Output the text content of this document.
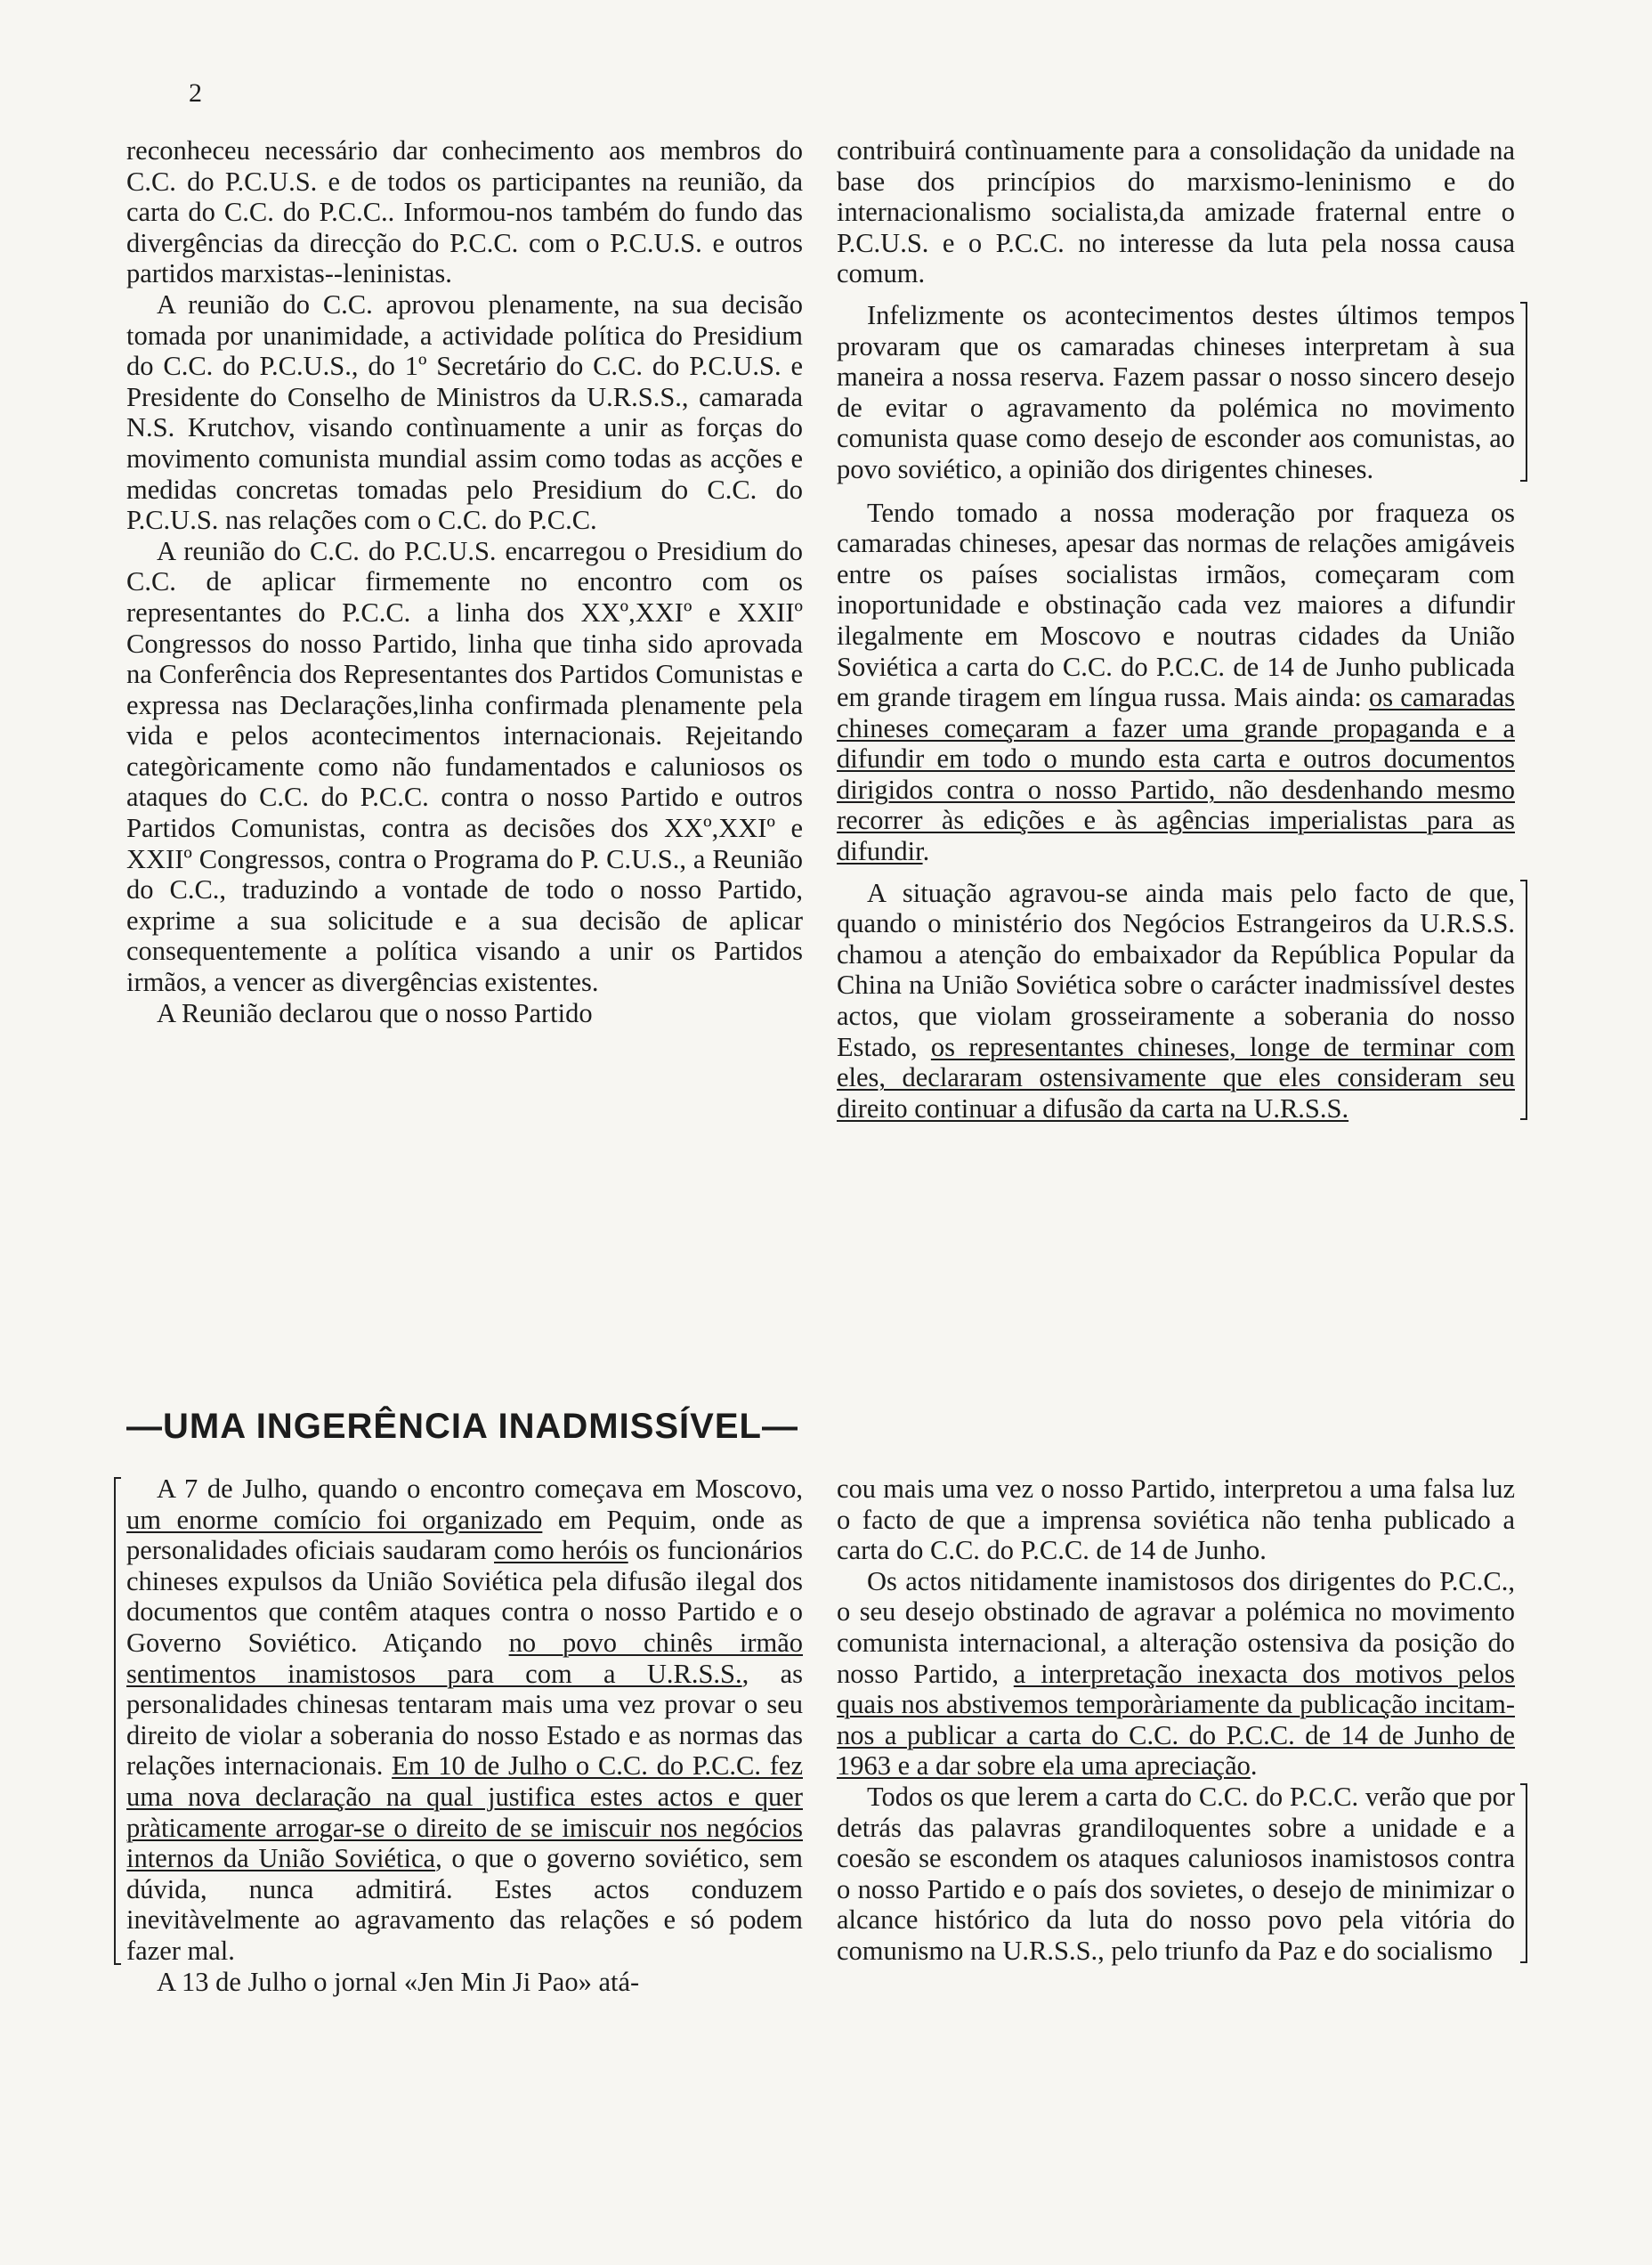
2

reconheceu necessário dar conhecimento aos membros do C.C. do P.C.U.S. e de todos os participantes na reunião, da carta do C.C. do P.C.C.. Informou-nos também do fundo das divergências da direcção do P.C.C. com o P.C.U.S. e outros partidos marxistas--leninistas.

A reunião do C.C. aprovou plenamente, na sua decisão tomada por unanimidade, a actividade política do Presidium do C.C. do P.C.U.S., do 1º Secretário do C.C. do P.C.U.S. e Presidente do Conselho de Ministros da U.R.S.S., camarada N.S. Krutchov, visando contìnuamente a unir as forças do movimento comunista mundial assim como todas as acções e medidas concretas tomadas pelo Presidium do C.C. do P.C.U.S. nas relações com o C.C. do P.C.C.

A reunião do C.C. do P.C.U.S. encarregou o Presidium do C.C. de aplicar firmemente no encontro com os representantes do P.C.C. a linha dos XXº,XXIº e XXIIº Congressos do nosso Partido, linha que tinha sido aprovada na Conferência dos Representantes dos Partidos Comunistas e expressa nas Declarações,linha confirmada plenamente pela vida e pelos acontecimentos internacionais. Rejeitando categòricamente como não fundamentados e caluniosos os ataques do C.C. do P.C.C. contra o nosso Partido e outros Partidos Comunistas, contra as decisões dos XXº,XXIº e XXIIº Congressos, contra o Programa do P. C.U.S., a Reunião do C.C., traduzindo a vontade de todo o nosso Partido, exprime a sua solicitude e a sua decisão de aplicar consequentemente a política visando a unir os Partidos irmãos, a vencer as divergências existentes.

A Reunião declarou que o nosso Partido

contribuirá contìnuamente para a consolidação da unidade na base dos princípios do marxismo-leninismo e do internacionalismo socialista,da amizade fraternal entre o P.C.U.S. e o P.C.C. no interesse da luta pela nossa causa comum.

Infelizmente os acontecimentos destes últimos tempos provaram que os camaradas chineses interpretam à sua maneira a nossa reserva. Fazem passar o nosso sincero desejo de evitar o agravamento da polémica no movimento comunista quase como desejo de esconder aos comunistas, ao povo soviético, a opinião dos dirigentes chineses.

Tendo tomado a nossa moderação por fraqueza os camaradas chineses, apesar das normas de relações amigáveis entre os países socialistas irmãos, começaram com inoportunidade e obstinação cada vez maiores a difundir ilegalmente em Moscovo e noutras cidades da União Soviética a carta do C.C. do P.C.C. de 14 de Junho publicada em grande tiragem em língua russa. Mais ainda: os camaradas chineses começaram a fazer uma grande propaganda e a difundir em todo o mundo esta carta e outros documentos dirigidos contra o nosso Partido, não desdenhando mesmo recorrer às edições e às agências imperialistas para as difundir.

A situação agravou-se ainda mais pelo facto de que, quando o ministério dos Negócios Estrangeiros da U.R.S.S. chamou a atenção do embaixador da República Popular da China na União Soviética sobre o carácter inadmissível destes actos, que violam grosseiramente a soberania do nosso Estado, os representantes chineses, longe de terminar com eles, declararam ostensivamente que eles consideram seu direito continuar a difusão da carta na U.R.S.S.

—UMA INGERÊNCIA INADMISSÍVEL—

A 7 de Julho, quando o encontro começava em Moscovo, um enorme comício foi organizado em Pequim, onde as personalidades oficiais saudaram como heróis os funcionários chineses expulsos da União Soviética pela difusão ilegal dos documentos que contêm ataques contra o nosso Partido e o Governo Soviético. Atiçando no povo chinês irmão sentimentos inamistosos para com a U.R.S.S., as personalidades chinesas tentaram mais uma vez provar o seu direito de violar a soberania do nosso Estado e as normas das relações internacionais. Em 10 de Julho o C.C. do P.C.C. fez uma nova declaração na qual justifica estes actos e quer pràticamente arrogar-se o direito de se imiscuir nos negócios internos da União Soviética, o que o governo soviético, sem dúvida, nunca admitirá. Estes actos conduzem inevitàvelmente ao agravamento das relações e só podem fazer mal.

A 13 de Julho o jornal «Jen Min Ji Pao» atá-

cou mais uma vez o nosso Partido, interpretou a uma falsa luz o facto de que a imprensa soviética não tenha publicado a carta do C.C. do P.C.C. de 14 de Junho.

Os actos nitidamente inamistosos dos dirigentes do P.C.C., o seu desejo obstinado de agravar a polémica no movimento comunista internacional, a alteração ostensiva da posição do nosso Partido, a interpretação inexacta dos motivos pelos quais nos abstivemos temporàriamente da publicação incitam-nos a publicar a carta do C.C. do P.C.C. de 14 de Junho de 1963 e a dar sobre ela uma apreciação.

Todos os que lerem a carta do C.C. do P.C.C. verão que por detrás das palavras grandiloquentes sobre a unidade e a coesão se escondem os ataques caluniosos inamistosos contra o nosso Partido e o país dos sovietes, o desejo de minimizar o alcance histórico da luta do nosso povo pela vitória do comunismo na U.R.S.S., pelo triunfo da Paz e do socialismo
